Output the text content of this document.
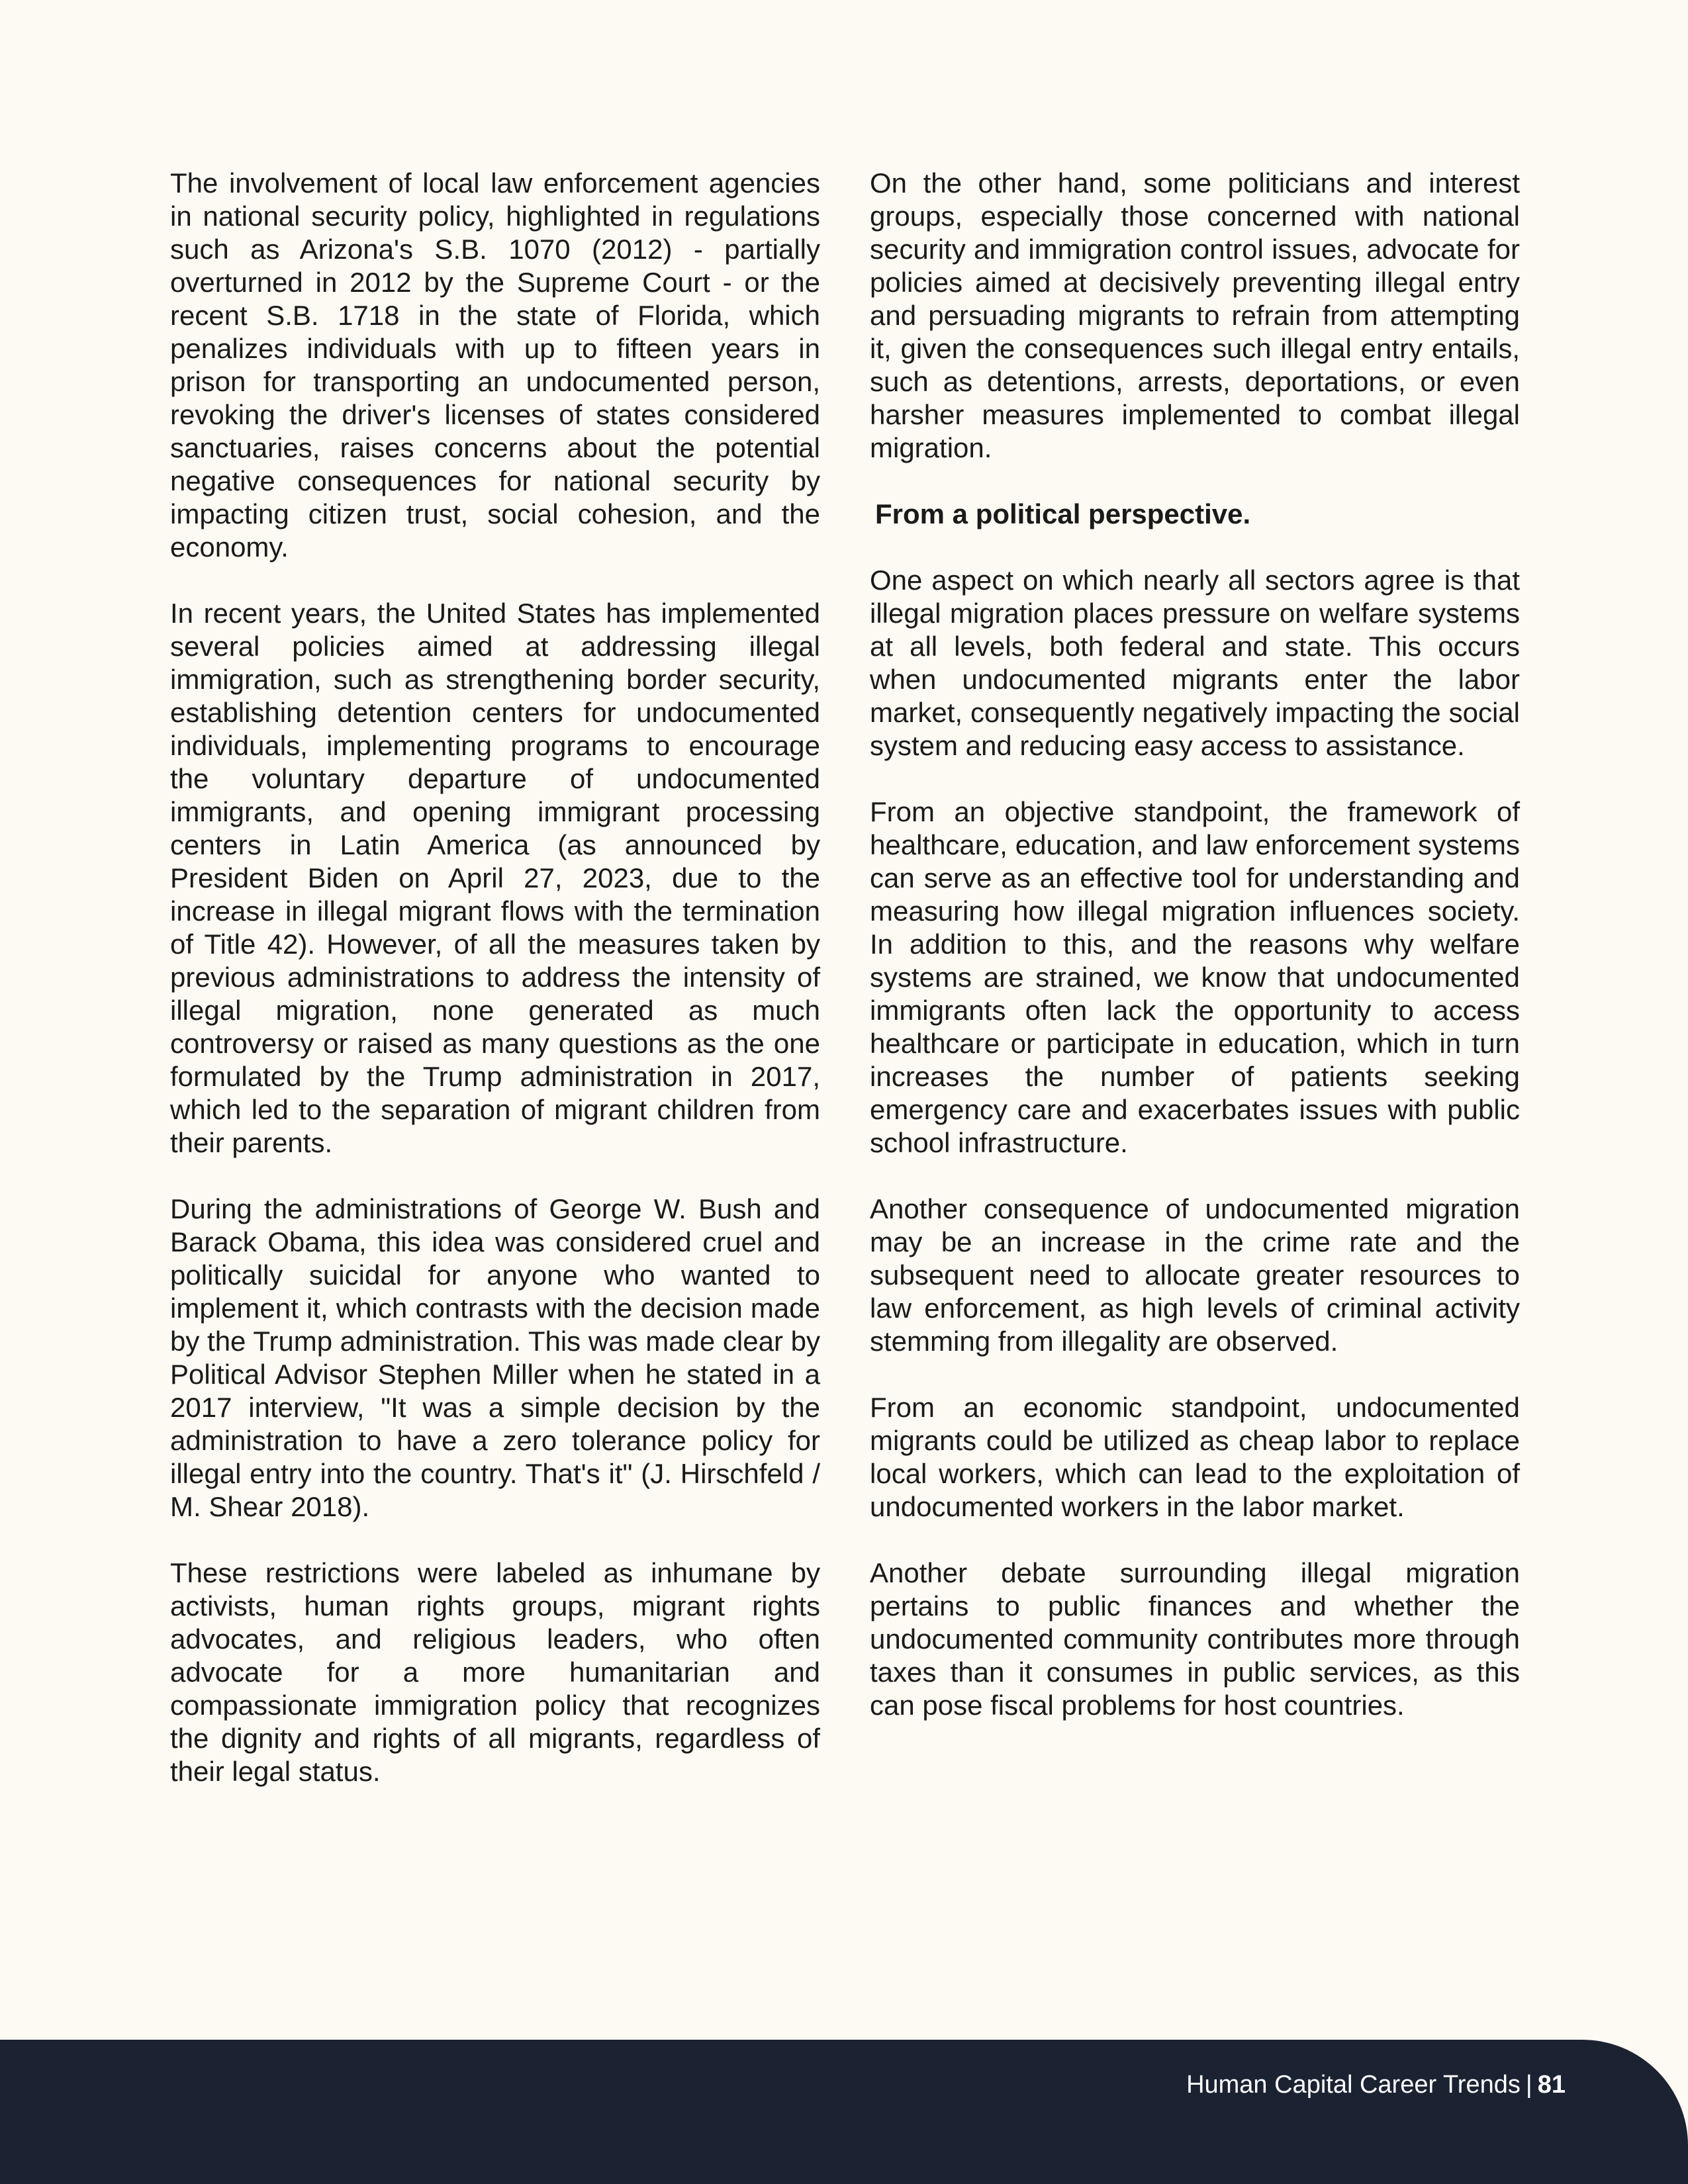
The involvement of local law enforcement agencies in national security policy, highlighted in regulations such as Arizona's S.B. 1070 (2012) - partially overturned in 2012 by the Supreme Court - or the recent S.B. 1718 in the state of Florida, which penalizes individuals with up to fifteen years in prison for transporting an undocumented person, revoking the driver's licenses of states considered sanctuaries, raises concerns about the potential negative consequences for national security by impacting citizen trust, social cohesion, and the economy.

In recent years, the United States has implemented several policies aimed at addressing illegal immigration, such as strengthening border security, establishing detention centers for undocumented individuals, implementing programs to encourage the voluntary departure of undocumented immigrants, and opening immigrant processing centers in Latin America (as announced by President Biden on April 27, 2023, due to the increase in illegal migrant flows with the termination of Title 42). However, of all the measures taken by previous administrations to address the intensity of illegal migration, none generated as much controversy or raised as many questions as the one formulated by the Trump administration in 2017, which led to the separation of migrant children from their parents.

During the administrations of George W. Bush and Barack Obama, this idea was considered cruel and politically suicidal for anyone who wanted to implement it, which contrasts with the decision made by the Trump administration. This was made clear by Political Advisor Stephen Miller when he stated in a 2017 interview, "It was a simple decision by the administration to have a zero tolerance policy for illegal entry into the country. That's it" (J. Hirschfeld / M. Shear 2018).

These restrictions were labeled as inhumane by activists, human rights groups, migrant rights advocates, and religious leaders, who often advocate for a more humanitarian and compassionate immigration policy that recognizes the dignity and rights of all migrants, regardless of their legal status.

On the other hand, some politicians and interest groups, especially those concerned with national security and immigration control issues, advocate for policies aimed at decisively preventing illegal entry and persuading migrants to refrain from attempting it, given the consequences such illegal entry entails, such as detentions, arrests, deportations, or even harsher measures implemented to combat illegal migration.

From a political perspective.

One aspect on which nearly all sectors agree is that illegal migration places pressure on welfare systems at all levels, both federal and state. This occurs when undocumented migrants enter the labor market, consequently negatively impacting the social system and reducing easy access to assistance.

From an objective standpoint, the framework of healthcare, education, and law enforcement systems can serve as an effective tool for understanding and measuring how illegal migration influences society. In addition to this, and the reasons why welfare systems are strained, we know that undocumented immigrants often lack the opportunity to access healthcare or participate in education, which in turn increases the number of patients seeking emergency care and exacerbates issues with public school infrastructure.

Another consequence of undocumented migration may be an increase in the crime rate and the subsequent need to allocate greater resources to law enforcement, as high levels of criminal activity stemming from illegality are observed.

From an economic standpoint, undocumented migrants could be utilized as cheap labor to replace local workers, which can lead to the exploitation of undocumented workers in the labor market.

Another debate surrounding illegal migration pertains to public finances and whether the undocumented community contributes more through taxes than it consumes in public services, as this can pose fiscal problems for host countries.

Human Capital Career Trends | 81
